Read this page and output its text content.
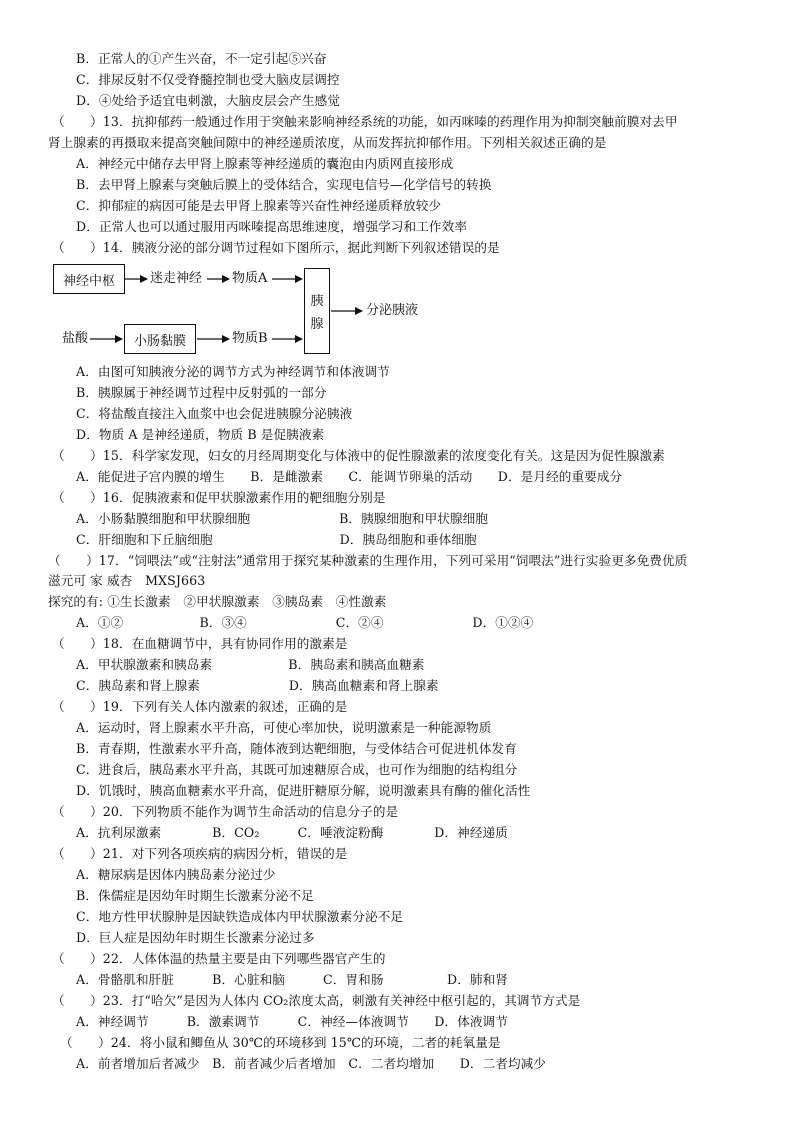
B．正常人的①产生兴奋，不一定引起⑤兴奋
C．排尿反射不仅受脊髓控制也受大脑皮层调控
D．④处给予适宜电刺激，大脑皮层会产生感觉
（　　）13．抗抑郁药一般通过作用于突触来影响神经系统的功能，如丙咪嗪的药理作用为抑制突触前膜对去甲
肾上腺素的再摄取来提高突触间隙中的神经递质浓度，从而发挥抗抑郁作用。下列相关叙述正确的是
A．神经元中储存去甲肾上腺素等神经递质的囊泡由内质网直接形成
B．去甲肾上腺素与突触后膜上的受体结合，实现电信号—化学信号的转换
C．抑郁症的病因可能是去甲肾上腺素等兴奋性神经递质释放较少
D．正常人也可以通过服用丙咪嗪提高思维速度，增强学习和工作效率
（　　）14．胰液分泌的部分调节过程如下图所示，据此判断下列叙述错误的是
神经中枢	迷走神经 物质A
胰
腺
分泌胰液
盐酸	小肠黏膜	物质B
A．由图可知胰液分泌的调节方式为神经调节和体液调节
B．胰腺属于神经调节过程中反射弧的一部分
C．将盐酸直接注入血浆中也会促进胰腺分泌胰液
D．物质 A 是神经递质，物质 B 是促胰液素
（　　）15．科学家发现，妇女的月经周期变化与体液中的促性腺激素的浓度变化有关。这是因为促性腺激素
A．能促进子宫内膜的增生　　B．是雌激素　　C．能调节卵巢的活动　　D．是月经的重要成分
（　　）16．促胰液素和促甲状腺激素作用的靶细胞分别是
A．小肠黏膜细胞和甲状腺细胞　　　　　　　B．胰腺细胞和甲状腺细胞
C．肝细胞和下丘脑细胞　　　　　　　　　　D．胰岛细胞和垂体细胞
（　　）17．“饲喂法”或“注射法”通常用于探究某种激素的生理作用，下列可采用“饲喂法”进行实验更多免费优质
滋元可 家 威杏　MXSJ663
探究的有: ①生长激素　②甲状腺激素　③胰岛素　④性激素
A．①②　　　　　　B．③④　　　　　　　C．②④　　　　　　　D．①②④
（　　）18．在血糖调节中，具有协同作用的激素是
A．甲状腺激素和胰岛素　　　　　　B．胰岛素和胰高血糖素
C．胰岛素和肾上腺素　　　　　　　D．胰高血糖素和肾上腺素
（　　）19．下列有关人体内激素的叙述，正确的是
A．运动时，肾上腺素水平升高，可使心率加快，说明激素是一种能源物质
B．青春期，性激素水平升高，随体液到达靶细胞，与受体结合可促进机体发育
C．进食后，胰岛素水平升高，其既可加速糖原合成，也可作为细胞的结构组分
D．饥饿时，胰高血糖素水平升高，促进肝糖原分解，说明激素具有酶的催化活性
（　　）20．下列物质不能作为调节生命活动的信息分子的是
A．抗利尿激素　　　　B．CO₂　　　C．唾液淀粉酶　　　　D．神经递质
（　　）21．对下列各项疾病的病因分析，错误的是
A．糖尿病是因体内胰岛素分泌过少
B．侏儒症是因幼年时期生长激素分泌不足
C．地方性甲状腺肿是因缺铁造成体内甲状腺激素分泌不足
D．巨人症是因幼年时期生长激素分泌过多
（　　）22．人体体温的热量主要是由下列哪些器官产生的
A．骨骼肌和肝脏　　　B．心脏和脑　　　C．胃和肠　　　　　D．肺和肾
（　　）23．打“哈欠”是因为人体内 CO₂浓度太高，刺激有关神经中枢引起的，其调节方式是
A．神经调节　　　B．激素调节　　　C．神经—体液调节　　D．体液调节
（　　）24．将小鼠和鲫鱼从 30℃的环境移到 15℃的环境，二者的耗氧量是
A．前者增加后者减少　B．前者减少后者增加　C．二者均增加　　D．二者均减少
